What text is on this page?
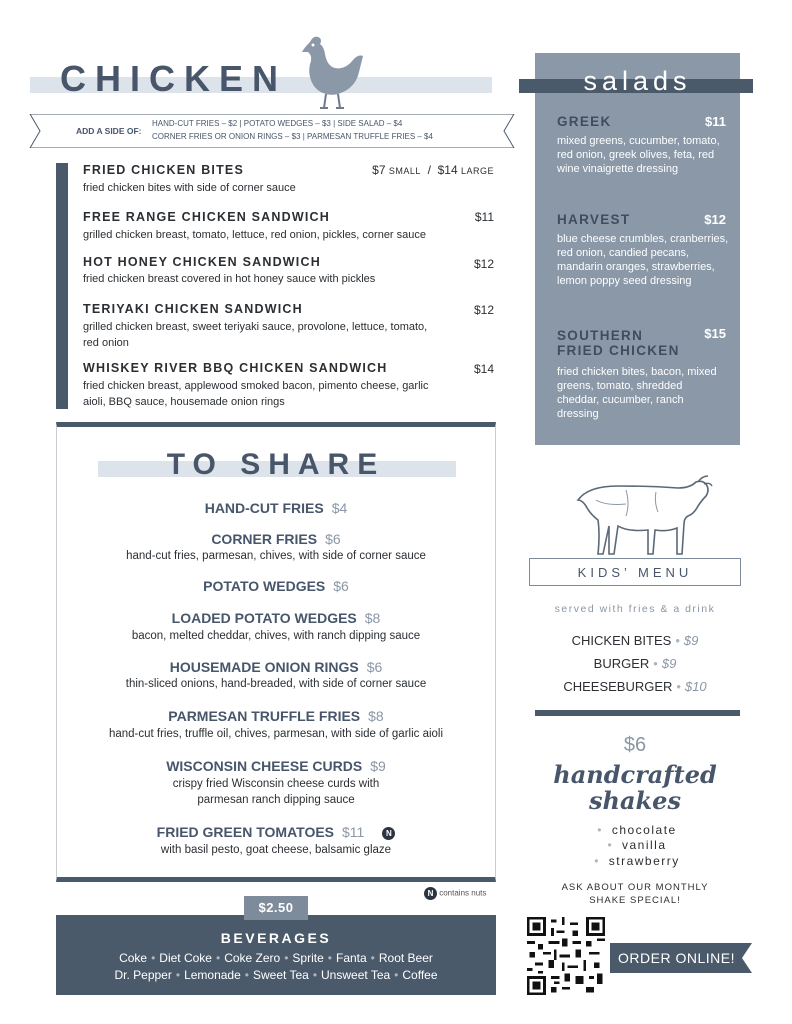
CHICKEN
ADD A SIDE OF:
HAND-CUT FRIES – $2 | POTATO WEDGES – $3 | SIDE SALAD – $4
CORNER FRIES OR ONION RINGS – $3 | PARMESAN TRUFFLE FRIES – $4
FRIED CHICKEN BITES	$7 SMALL / $14 LARGE
fried chicken bites with side of corner sauce
FREE RANGE CHICKEN SANDWICH	$11
grilled chicken breast, tomato, lettuce, red onion, pickles, corner sauce
HOT HONEY CHICKEN SANDWICH	$12
fried chicken breast covered in hot honey sauce with pickles
TERIYAKI CHICKEN SANDWICH	$12
grilled chicken breast, sweet teriyaki sauce, provolone, lettuce, tomato, red onion
WHISKEY RIVER BBQ CHICKEN SANDWICH	$14
fried chicken breast, applewood smoked bacon, pimento cheese, garlic aioli, BBQ sauce, housemade onion rings
TO SHARE
HAND-CUT FRIES $4
CORNER FRIES $6
hand-cut fries, parmesan, chives, with side of corner sauce
POTATO WEDGES $6
LOADED POTATO WEDGES $8
bacon, melted cheddar, chives, with ranch dipping sauce
HOUSEMADE ONION RINGS $6
thin-sliced onions, hand-breaded, with side of corner sauce
PARMESAN TRUFFLE FRIES $8
hand-cut fries, truffle oil, chives, parmesan, with side of garlic aioli
WISCONSIN CHEESE CURDS $9
crispy fried Wisconsin cheese curds with parmesan ranch dipping sauce
FRIED GREEN TOMATOES $11	N
with basil pesto, goat cheese, balsamic glaze
N contains nuts
$2.50
BEVERAGES
Coke • Diet Coke • Coke Zero • Sprite • Fanta • Root Beer
Dr. Pepper • Lemonade • Sweet Tea • Unsweet Tea • Coffee
salads
GREEK	$11
mixed greens, cucumber, tomato, red onion, greek olives, feta, red wine vinaigrette dressing
HARVEST	$12
blue cheese crumbles, cranberries, red onion, candied pecans, mandarin oranges, strawberries, lemon poppy seed dressing
SOUTHERN
FRIED CHICKEN
$15
fried chicken bites, bacon, mixed greens, tomato, shredded cheddar, cucumber, ranch dressing
KIDS’ MENU
served with fries & a drink
CHICKEN BITES • $9
BURGER • $9
CHEESEBURGER • $10
$6
handcrafted
shakes
• chocolate
• vanilla
• strawberry
ASK ABOUT OUR MONTHLY
SHAKE SPECIAL!
ORDER ONLINE!
